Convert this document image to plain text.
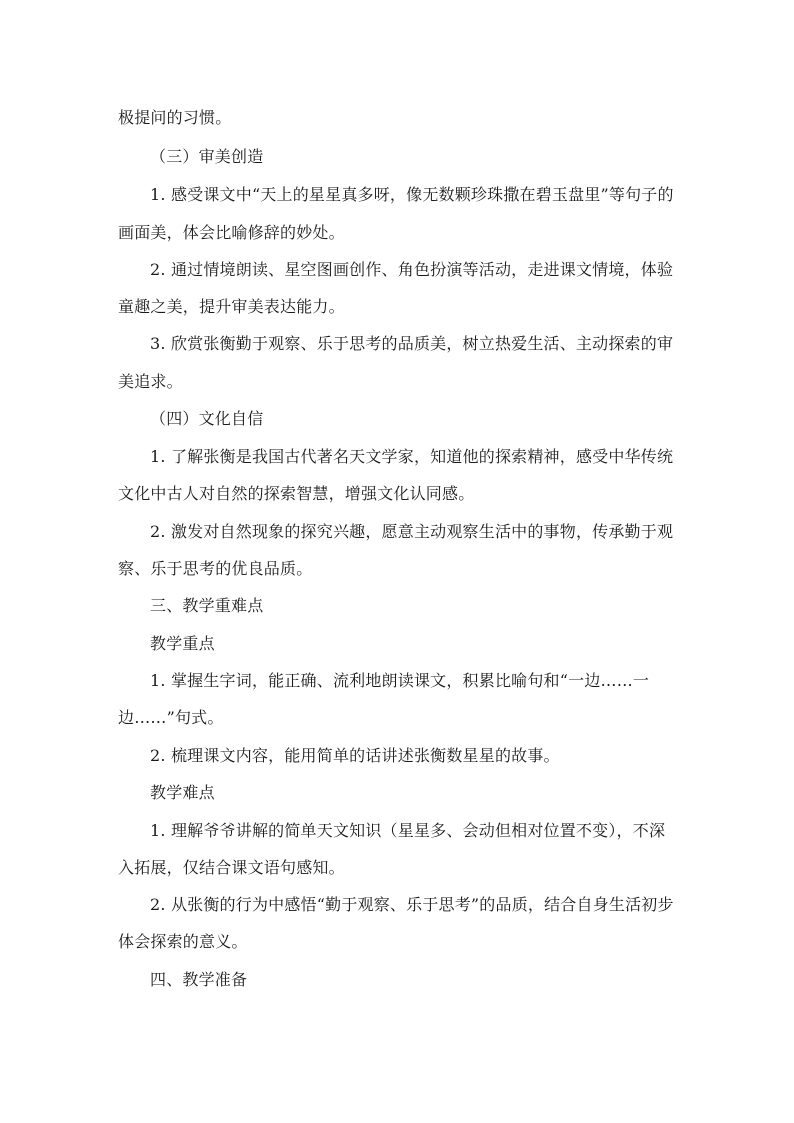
极提问的习惯。
（三）审美创造
1. 感受课文中“天上的星星真多呀，像无数颗珍珠撒在碧玉盘里”等句子的
画面美，体会比喻修辞的妙处。
2. 通过情境朗读、星空图画创作、角色扮演等活动，走进课文情境，体验
童趣之美，提升审美表达能力。
3. 欣赏张衡勤于观察、乐于思考的品质美，树立热爱生活、主动探索的审
美追求。
（四）文化自信
1. 了解张衡是我国古代著名天文学家，知道他的探索精神，感受中华传统
文化中古人对自然的探索智慧，增强文化认同感。
2. 激发对自然现象的探究兴趣，愿意主动观察生活中的事物，传承勤于观
察、乐于思考的优良品质。
三、教学重难点
教学重点
1. 掌握生字词，能正确、流利地朗读课文，积累比喻句和“一边……一
边……”句式。
2. 梳理课文内容，能用简单的话讲述张衡数星星的故事。
教学难点
1. 理解爷爷讲解的简单天文知识（星星多、会动但相对位置不变），不深
入拓展，仅结合课文语句感知。
2. 从张衡的行为中感悟“勤于观察、乐于思考”的品质，结合自身生活初步
体会探索的意义。
四、教学准备
